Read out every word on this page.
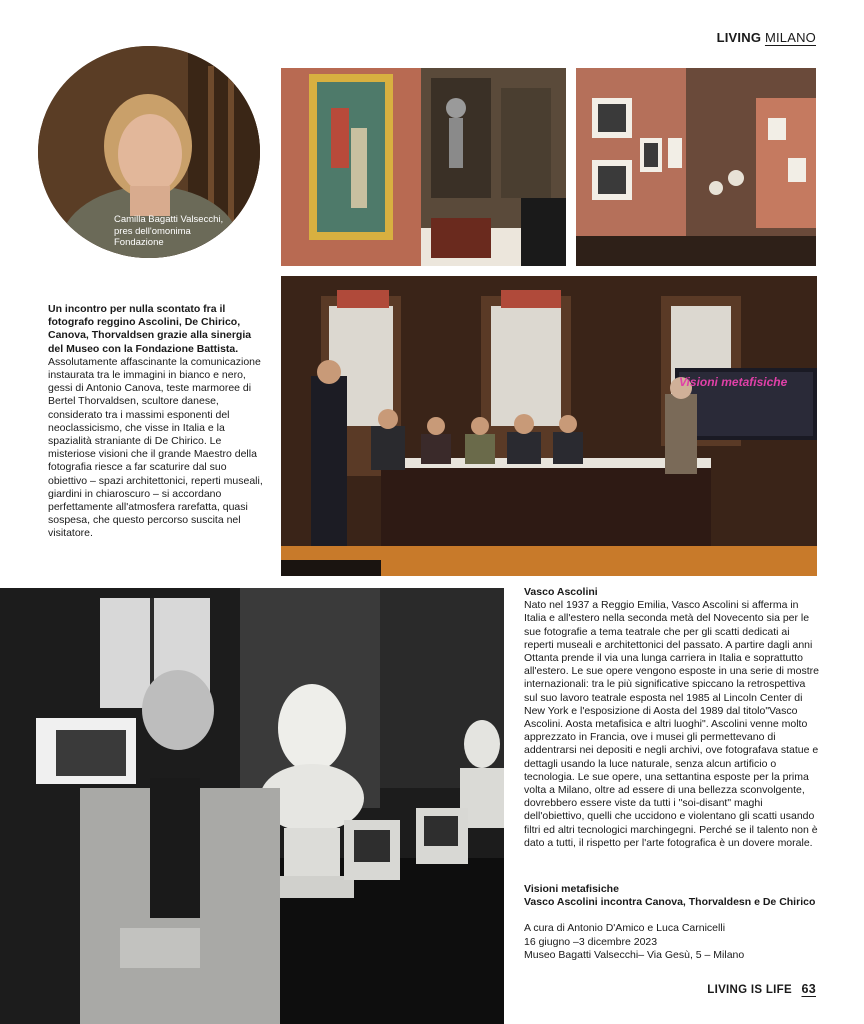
LIVING MILANO
Camilla Bagatti Valsecchi,
pres dell'omonima
Fondazione
Visioni metafisiche
Un incontro per nulla scontato fra il fotografo reggino Ascolini, De Chirico, Canova, Thorvaldsen grazie alla sinergia del Museo con la Fondazione Battista. Assolutamente affascinante la comunicazione instaurata tra le immagini in bianco e nero, gessi di Antonio Canova, teste marmoree di Bertel Thorvaldsen, scultore danese, considerato tra i massimi esponenti del neoclassicismo, che visse in Italia e la spazialità straniante di De Chirico. Le misteriose visioni che il grande Maestro della fotografia riesce a far scaturire dal suo obiettivo – spazi architettonici, reperti museali, giardini in chiaroscuro – si accordano perfettamente all'atmosfera rarefatta, quasi sospesa, che questo percorso suscita nel visitatore.
Vasco Ascolini
Nato nel 1937 a Reggio Emilia, Vasco Ascolini si afferma in Italia e all'estero nella seconda metà del Novecento sia per le sue fotografie a tema teatrale che per gli scatti dedicati ai reperti museali e architettonici del passato. A partire dagli anni Ottanta prende il via una lunga carriera in Italia e soprattutto all'estero. Le sue opere vengono esposte in una serie di mostre internazionali: tra le più significative spiccano la retrospettiva sul suo lavoro teatrale esposta nel 1985 al Lincoln Center di New York e l'esposizione di Aosta del 1989 dal titolo"Vasco Ascolini. Aosta metafisica e altri luoghi". Ascolini venne molto apprezzato in Francia, ove i musei gli permettevano di addentrarsi nei depositi e negli archivi, ove fotografava statue e dettagli usando la luce naturale, senza alcun artificio o tecnologia. Le sue opere, una settantina esposte per la prima volta a Milano, oltre ad essere di una bellezza sconvolgente, dovrebbero essere viste da tutti i "soi-disant" maghi dell'obiettivo, quelli che uccidono e violentano gli scatti usando filtri ed altri tecnologici marchingegni. Perché se il talento non è dato a tutti, il rispetto per l'arte fotografica è un dovere morale.
Visioni metafisiche
Vasco Ascolini incontra Canova, Thorvaldesn e De Chirico
A cura di Antonio D'Amico e Luca Carnicelli
16 giugno –3 dicembre 2023
Museo Bagatti Valsecchi– Via Gesù, 5 – Milano
LIVING IS LIFE 63
